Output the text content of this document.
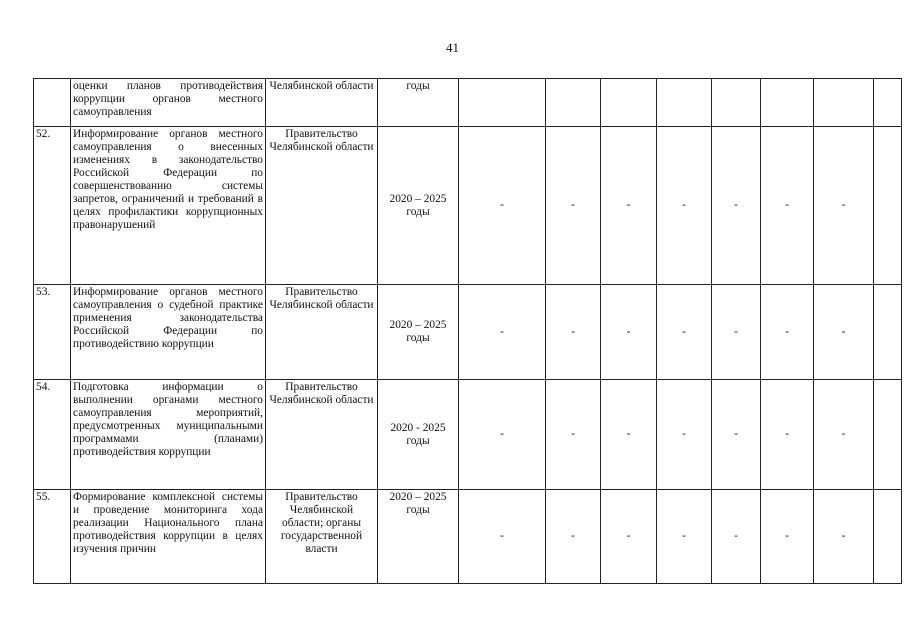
41
	оценки планов противодействия коррупции органов местного самоуправления	Челябинской области	годы								
52.	Информирование органов местного самоуправления о внесенных изменениях в законодательство Российской Федерации по совершенствованию системы запретов, ограничений и требований в целях профилактики коррупционных правонарушений	Правительство Челябинской области	2020 – 2025 годы	-	-	-	-	-	-	-	
53.	Информирование органов местного самоуправления о судебной практике применения законодательства Российской Федерации по противодействию коррупции	Правительство Челябинской области	2020 – 2025 годы	-	-	-	-	-	-	-	
54.	Подготовка информации о выполнении органами местного самоуправления мероприятий, предусмотренных муниципальными программами (планами) противодействия коррупции	Правительство Челябинской области	2020 - 2025 годы	-	-	-	-	-	-	-	
55.	Формирование комплексной системы и проведение мониторинга хода реализации Национального плана противодействия коррупции в целях изучения причин	Правительство Челябинской области; органы государственной власти	2020 – 2025 годы	-	-	-	-	-	-	-	
